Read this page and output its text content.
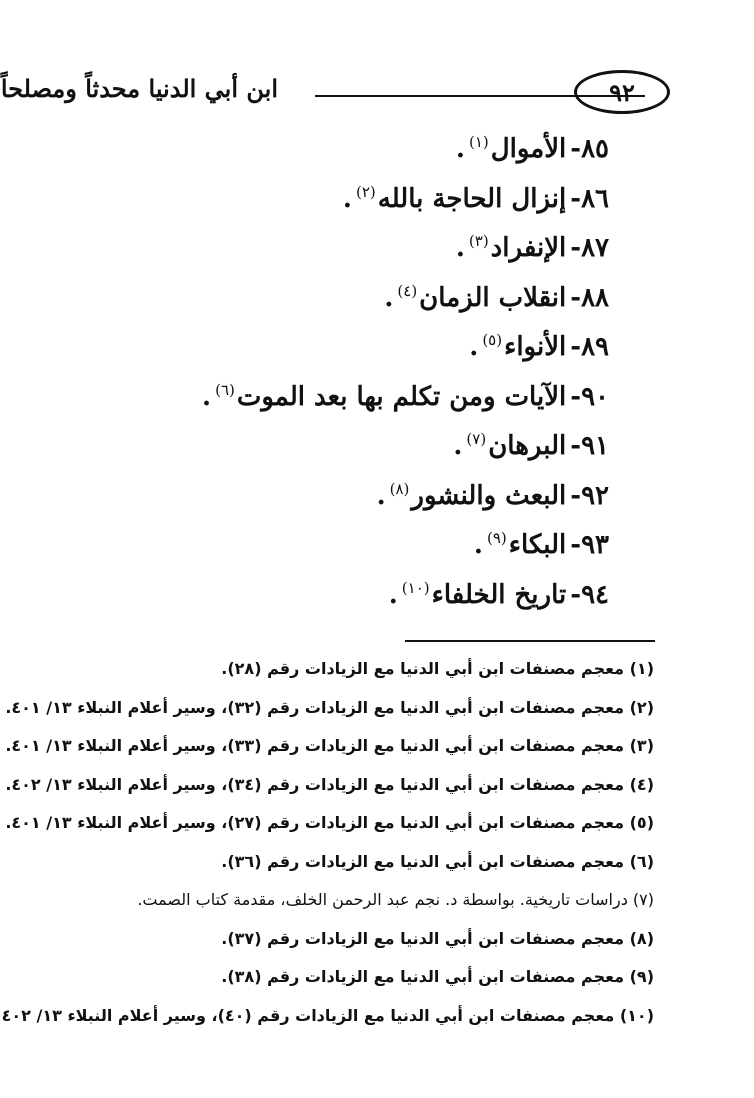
ابن أبي الدنيا محدثاً ومصلحاً	٩٢
٨٥-الأموال$^{(١)}$.
٨٦-إنزال الحاجة بالله$^{(٢)}$.
٨٧-الإنفراد$^{(٣)}$.
٨٨-انقلاب الزمان$^{(٤)}$.
٨٩-الأنواء$^{(٥)}$.
٩٠-الآيات ومن تكلم بها بعد الموت$^{(٦)}$.
٩١-البرهان$^{(٧)}$.
٩٢-البعث والنشور$^{(٨)}$.
٩٣-البكاء$^{(٩)}$.
٩٤-تاريخ الخلفاء$^{(١٠)}$.
(١) معجم مصنفات ابن أبي الدنيا مع الزيادات رقم (٢٨).
(٢) معجم مصنفات ابن أبي الدنيا مع الزيادات رقم (٣٢)، وسير أعلام النبلاء ١٣/ ٤٠١.
(٣) معجم مصنفات ابن أبي الدنيا مع الزيادات رقم (٣٣)، وسير أعلام النبلاء ١٣/ ٤٠١.
(٤) معجم مصنفات ابن أبي الدنيا مع الزيادات رقم (٣٤)، وسير أعلام النبلاء ١٣/ ٤٠٢.
(٥) معجم مصنفات ابن أبي الدنيا مع الزيادات رقم (٢٧)، وسير أعلام النبلاء ١٣/ ٤٠١.
(٦) معجم مصنفات ابن أبي الدنيا مع الزيادات رقم (٣٦).
(٧) دراسات تاريخية. بواسطة د. نجم عبد الرحمن الخلف، مقدمة كتاب الصمت.
(٨) معجم مصنفات ابن أبي الدنيا مع الزيادات رقم (٣٧).
(٩) معجم مصنفات ابن أبي الدنيا مع الزيادات رقم (٣٨).
(١٠) معجم مصنفات ابن أبي الدنيا مع الزيادات رقم (٤٠)، وسير أعلام النبلاء ١٣/ ٤٠٢
